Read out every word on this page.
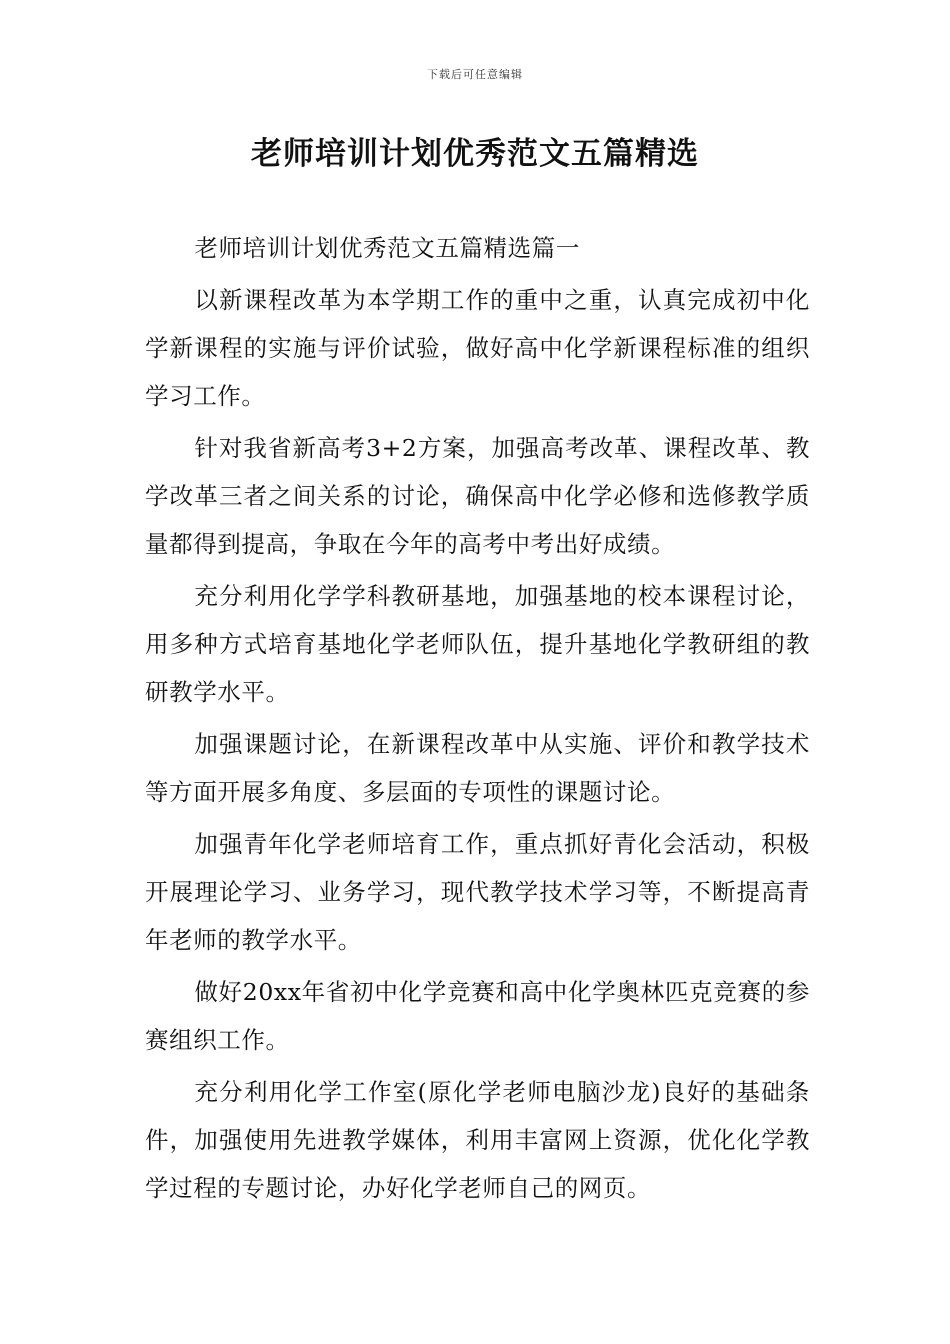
下载后可任意编辑
老师培训计划优秀范文五篇精选

老师培训计划优秀范文五篇精选篇一

以新课程改革为本学期工作的重中之重，认真完成初中化学新课程的实施与评价试验，做好高中化学新课程标准的组织学习工作。

针对我省新高考3+2方案，加强高考改革、课程改革、教学改革三者之间关系的讨论，确保高中化学必修和选修教学质量都得到提高，争取在今年的高考中考出好成绩。

充分利用化学学科教研基地，加强基地的校本课程讨论，用多种方式培育基地化学老师队伍，提升基地化学教研组的教研教学水平。

加强课题讨论，在新课程改革中从实施、评价和教学技术等方面开展多角度、多层面的专项性的课题讨论。

加强青年化学老师培育工作，重点抓好青化会活动，积极开展理论学习、业务学习，现代教学技术学习等，不断提高青年老师的教学水平。

做好20xx年省初中化学竞赛和高中化学奥林匹克竞赛的参赛组织工作。

充分利用化学工作室(原化学老师电脑沙龙)良好的基础条件，加强使用先进教学媒体，利用丰富网上资源，优化化学教学过程的专题讨论，办好化学老师自己的网页。
